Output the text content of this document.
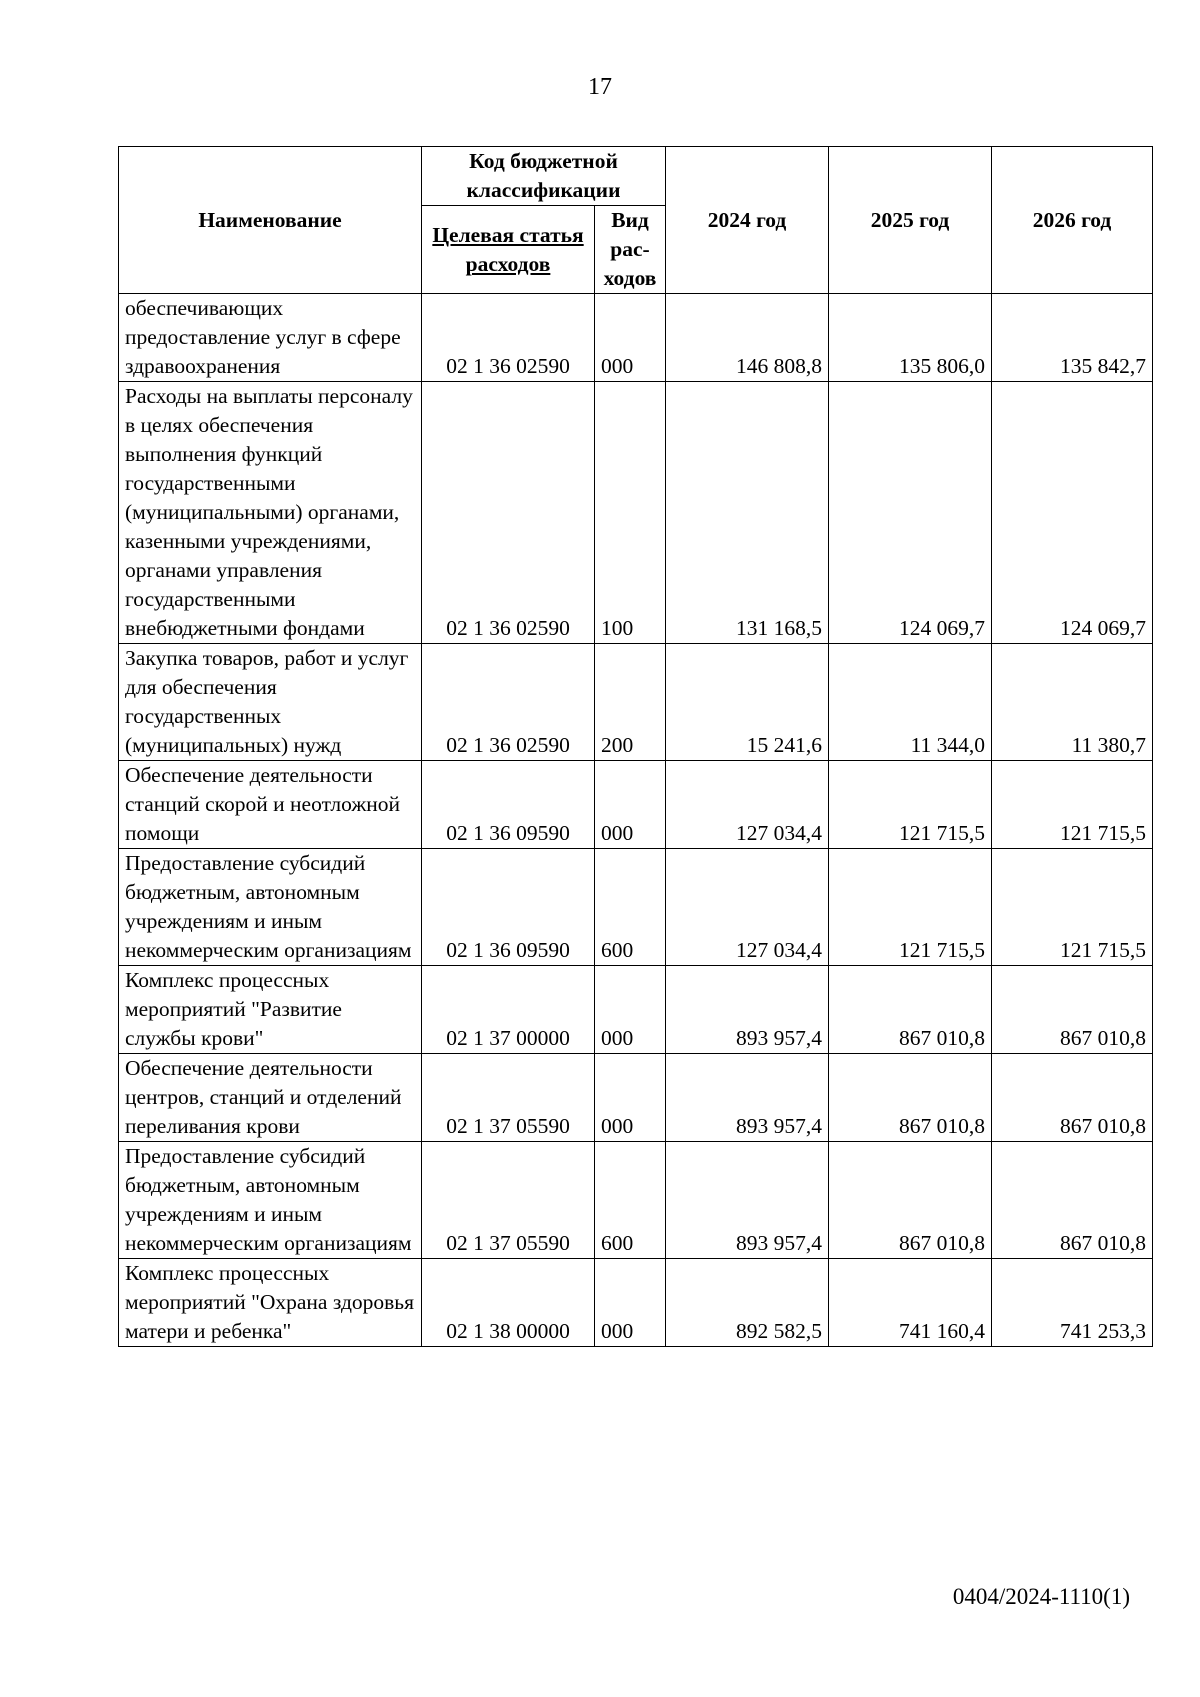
17
Наименование	Код бюджетной классификации		2024 год	2025 год	2026 год
	Целевая статья расходов	Вид рас-ходов			
обеспечивающих предоставление услуг в сфере здравоохранения	02 1 36 02590	000	146 808,8	135 806,0	135 842,7
Расходы на выплаты персоналу в целях обеспечения выполнения функций государственными (муниципальными) органами, казенными учреждениями, органами управления государственными внебюджетными фондами	02 1 36 02590	100	131 168,5	124 069,7	124 069,7
Закупка товаров, работ и услуг для обеспечения государственных (муниципальных) нужд	02 1 36 02590	200	15 241,6	11 344,0	11 380,7
Обеспечение деятельности станций скорой и неотложной помощи	02 1 36 09590	000	127 034,4	121 715,5	121 715,5
Предоставление субсидий бюджетным, автономным учреждениям и иным некоммерческим организациям	02 1 36 09590	600	127 034,4	121 715,5	121 715,5
Комплекс процессных мероприятий "Развитие службы крови"	02 1 37 00000	000	893 957,4	867 010,8	867 010,8
Обеспечение деятельности центров, станций и отделений переливания крови	02 1 37 05590	000	893 957,4	867 010,8	867 010,8
Предоставление субсидий бюджетным, автономным учреждениям и иным некоммерческим организациям	02 1 37 05590	600	893 957,4	867 010,8	867 010,8
Комплекс процессных мероприятий "Охрана здоровья матери и ребенка"	02 1 38 00000	000	892 582,5	741 160,4	741 253,3
0404/2024-1110(1)
